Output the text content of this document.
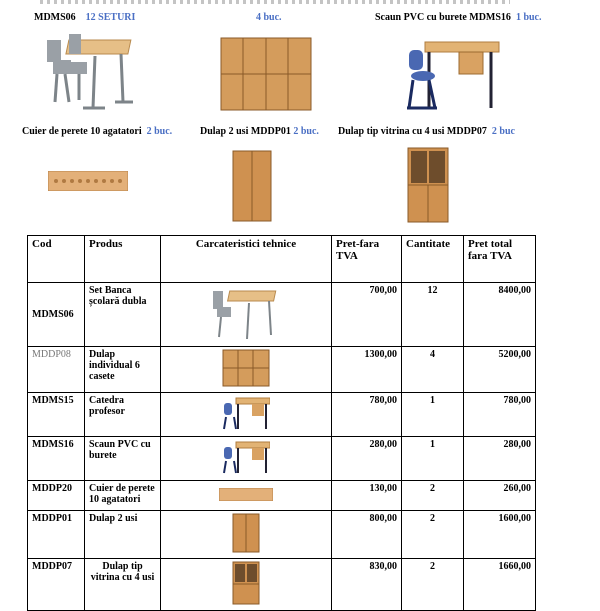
MDMS06 12 SETURI	4 buc.	Scaun PVC cu burete MDMS16 1 buc.
Cuier de perete 10 agatatori 2 buc.	Dulap 2 usi MDDP01 2 buc. Dulap tip vitrina cu 4 usi MDDP07 2 buc
Cod	Produs	Carcateristici tehnice	Pret-fara TVA	Cantitate	Pret total fara TVA
MDMS06	Set Banca școlară dubla		700,00	12	8400,00
MDDP08	Dulap individual 6 casete		1300,00	4	5200,00
MDMS15	Catedra profesor		780,00	1	780,00
MDMS16	Scaun PVC cu burete		280,00	1	280,00
MDDP20	Cuier de perete 10 agatatori		130,00	2	260,00
MDDP01	Dulap 2 usi		800,00	2	1600,00
MDDP07	Dulap tip vitrina cu 4 usi		830,00	2	1660,00
